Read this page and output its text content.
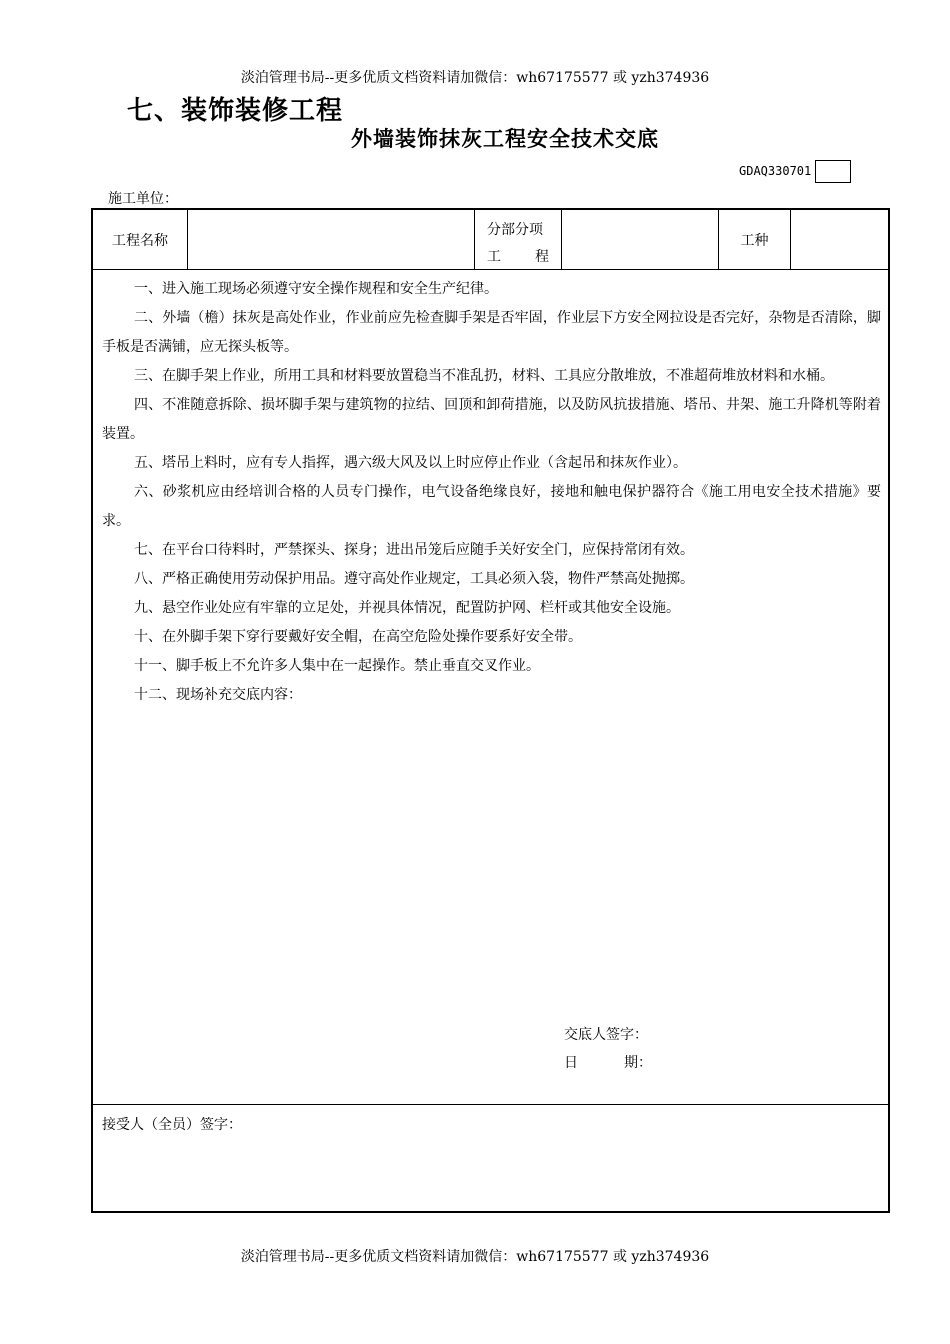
淡泊管理书局--更多优质文档资料请加微信：wh67175577 或 yzh374936
七、装饰装修工程
外墙装饰抹灰工程安全技术交底
GDAQ330701
施工单位：
工程名称
分部分项
工 程
工种

一、进入施工现场必须遵守安全操作规程和安全生产纪律。

二、外墙（檐）抹灰是高处作业，作业前应先检查脚手架是否牢固，作业层下方安全网拉设是否完好，杂物是否清除，脚手板是否满铺，应无探头板等。

三、在脚手架上作业，所用工具和材料要放置稳当不准乱扔，材料、工具应分散堆放，不准超荷堆放材料和水桶。

四、不准随意拆除、损坏脚手架与建筑物的拉结、回顶和卸荷措施，以及防风抗拔措施、塔吊、井架、施工升降机等附着装置。

五、塔吊上料时，应有专人指挥，遇六级大风及以上时应停止作业（含起吊和抹灰作业）。

六、砂浆机应由经培训合格的人员专门操作，电气设备绝缘良好，接地和触电保护器符合《施工用电安全技术措施》要求。

七、在平台口待料时，严禁探头、探身；进出吊笼后应随手关好安全门，应保持常闭有效。

八、严格正确使用劳动保护用品。遵守高处作业规定，工具必须入袋，物件严禁高处抛掷。

九、悬空作业处应有牢靠的立足处，并视具体情况，配置防护网、栏杆或其他安全设施。

十、在外脚手架下穿行要戴好安全帽，在高空危险处操作要系好安全带。

十一、脚手板上不允许多人集中在一起操作。禁止垂直交叉作业。

十二、现场补充交底内容：

交底人签字：
日	期：
接受人（全员）签字：
淡泊管理书局--更多优质文档资料请加微信：wh67175577 或 yzh374936
